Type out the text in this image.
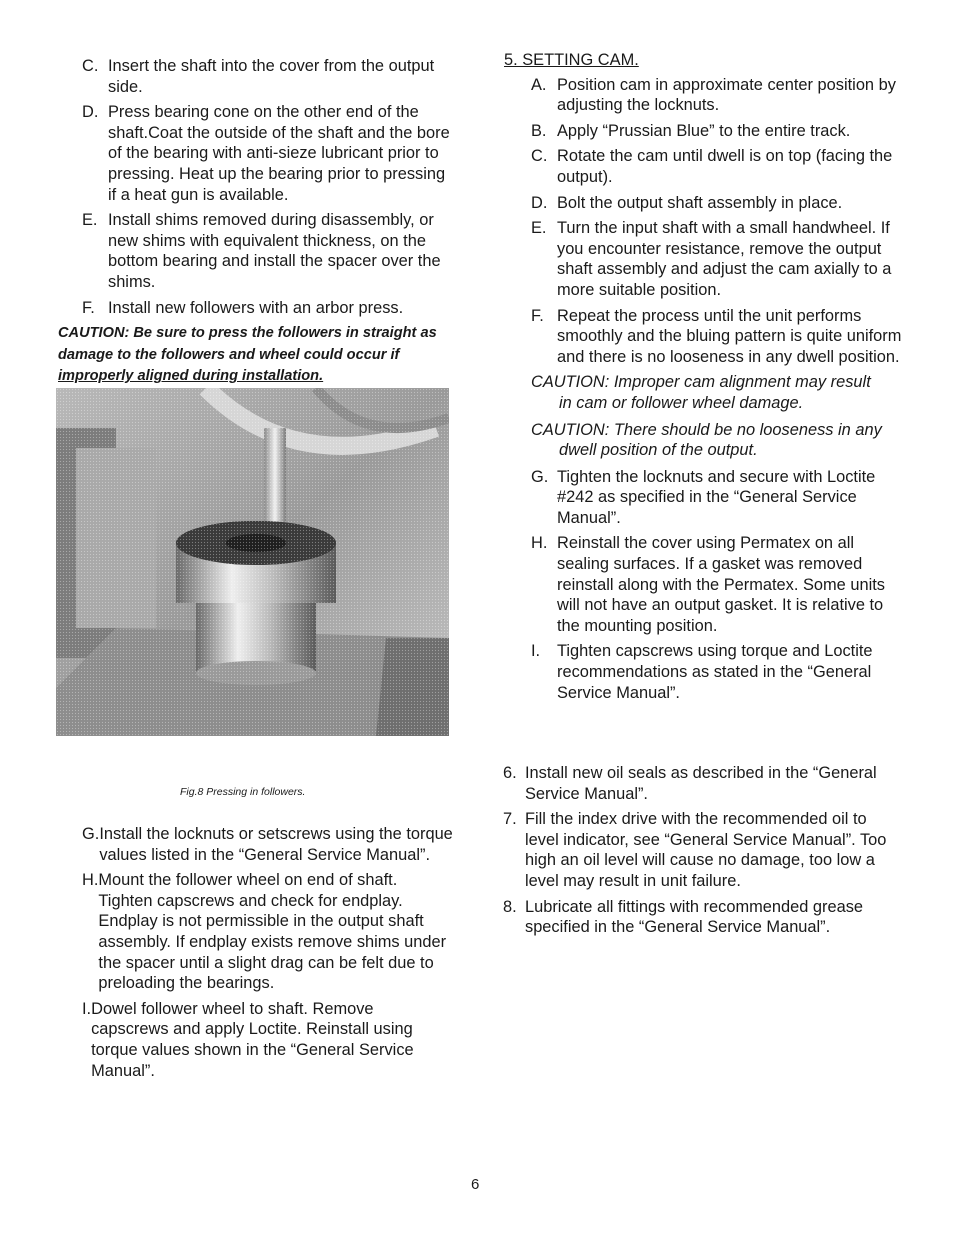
C. Insert the shaft into the cover from the output side.
D. Press bearing cone on the other end of the shaft.Coat the outside of the shaft and the bore of the bearing with anti-sieze lubricant prior to pressing. Heat up the bearing prior to pressing if a heat gun is available.
E. Install shims removed during disassembly, or new shims with equivalent thickness, on the bottom bearing and install the spacer over the shims.
F. Install new followers with an arbor press.
CAUTION: Be sure to press the followers in straight as damage to the followers and wheel could occur if
improperly aligned during installation.
Fig.8 Pressing in followers.
G. Install the locknuts or setscrews using the torque values listed in the “General Service Manual”.
H. Mount the follower wheel on end of shaft. Tighten capscrews and check for endplay. Endplay is not permissible in the output shaft assembly. If endplay exists remove shims under the spacer until a slight drag can be felt due to preloading the bearings.
I. Dowel follower wheel to shaft. Remove capscrews and apply Loctite. Reinstall using torque values shown in the “General Service Manual”.
5. SETTING CAM.
A. Position cam in approximate center position by adjusting the locknuts.
B. Apply “Prussian Blue” to the entire track.
C. Rotate the cam until dwell is on top (facing the output).
D. Bolt the output shaft assembly in place.
E. Turn the input shaft with a small handwheel. If you encounter resistance, remove the output shaft assembly and adjust the cam axially to a more suitable position.
F. Repeat the process until the unit performs smoothly and the bluing pattern is quite uniform and there is no looseness in any dwell position.
CAUTION: Improper cam alignment may result
in cam or follower wheel damage.
CAUTION: There should be no looseness in any
dwell position of the output.
G. Tighten the locknuts and secure with Loctite #242 as specified in the “General Service Manual”.
H. Reinstall the cover using Permatex on all sealing surfaces. If a gasket was removed reinstall along with the Permatex. Some units will not have an output gasket. It is relative to the mounting position.
I.	Tighten capscrews using torque and Loctite recommendations as stated in the “General Service Manual”.
6. Install new oil seals as described in the “General Service Manual”.
7. Fill the index drive with the recommended oil to level indicator, see “General Service Manual”. Too high an oil level will cause no damage, too low a level may result in unit failure.
8. Lubricate all fittings with recommended grease specified in the “General Service Manual”.
6
